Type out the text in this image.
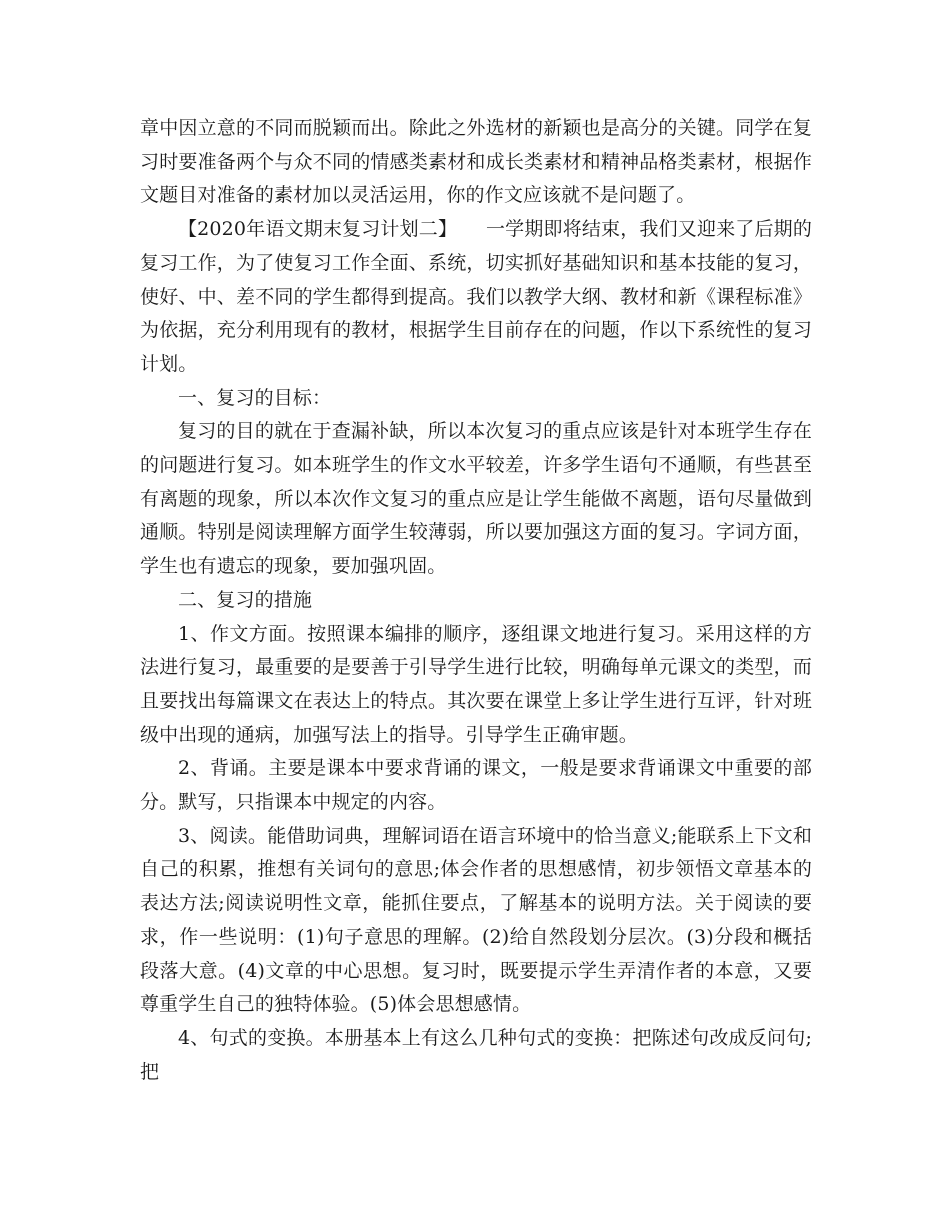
章中因立意的不同而脱颖而出。除此之外选材的新颖也是高分的关键。同学在复习时要准备两个与众不同的情感类素材和成长类素材和精神品格类素材，根据作文题目对准备的素材加以灵活运用，你的作文应该就不是问题了。

【2020年语文期末复习计划二】　　一学期即将结束，我们又迎来了后期的复习工作，为了使复习工作全面、系统，切实抓好基础知识和基本技能的复习，使好、中、差不同的学生都得到提高。我们以教学大纲、教材和新《课程标准》为依据，充分利用现有的教材，根据学生目前存在的问题，作以下系统性的复习计划。

一、复习的目标：

复习的目的就在于查漏补缺，所以本次复习的重点应该是针对本班学生存在的问题进行复习。如本班学生的作文水平较差，许多学生语句不通顺，有些甚至有离题的现象，所以本次作文复习的重点应是让学生能做不离题，语句尽量做到通顺。特别是阅读理解方面学生较薄弱，所以要加强这方面的复习。字词方面，学生也有遗忘的现象，要加强巩固。

二、复习的措施

1、作文方面。按照课本编排的顺序，逐组课文地进行复习。采用这样的方法进行复习，最重要的是要善于引导学生进行比较，明确每单元课文的类型，而且要找出每篇课文在表达上的特点。其次要在课堂上多让学生进行互评，针对班级中出现的通病，加强写法上的指导。引导学生正确审题。

2、背诵。主要是课本中要求背诵的课文，一般是要求背诵课文中重要的部分。默写，只指课本中规定的内容。

3、阅读。能借助词典，理解词语在语言环境中的恰当意义;能联系上下文和自己的积累，推想有关词句的意思;体会作者的思想感情，初步领悟文章基本的表达方法;阅读说明性文章，能抓住要点，了解基本的说明方法。关于阅读的要求，作一些说明：(1)句子意思的理解。(2)给自然段划分层次。(3)分段和概括段落大意。(4)文章的中心思想。复习时，既要提示学生弄清作者的本意，又要尊重学生自己的独特体验。(5)体会思想感情。

4、句式的变换。本册基本上有这么几种句式的变换：把陈述句改成反问句;把
